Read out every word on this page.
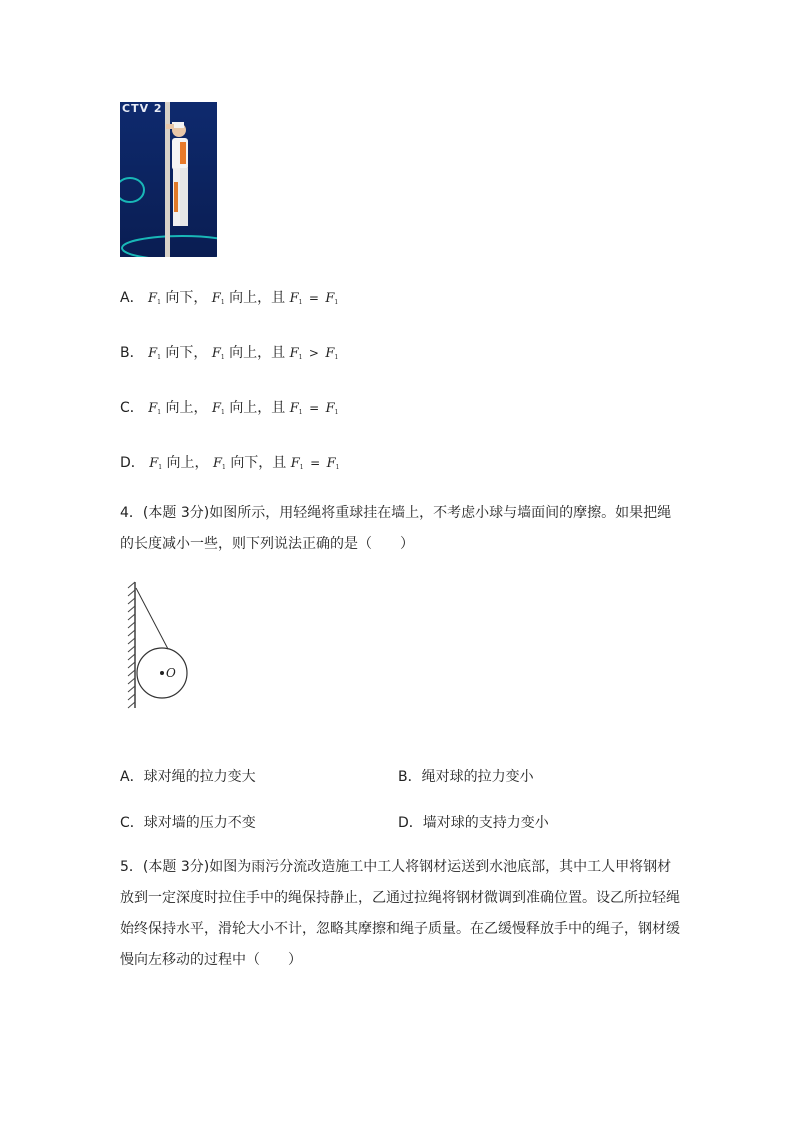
CTV 2
A． $F_1$ 向下， $F_1$ 向上，且 $F_1 = F_1$
B． $F_1$ 向下， $F_1$ 向上，且 $F_1 > F_1$
C． $F_1$ 向上， $F_1$ 向上，且 $F_1 = F_1$
D． $F_1$ 向上， $F_1$ 向下，且 $F_1 = F_1$
4．(本题 3分)如图所示，用轻绳将重球挂在墙上，不考虑小球与墙面间的摩擦。如果把绳
的长度减小一些，则下列说法正确的是（　　）
O
A．球对绳的拉力变大	B．绳对球的拉力变小
C．球对墙的压力不变	D．墙对球的支持力变小
5．(本题 3分)如图为雨污分流改造施工中工人将钢材运送到水池底部，其中工人甲将钢材
放到一定深度时拉住手中的绳保持静止，乙通过拉绳将钢材微调到准确位置。设乙所拉轻绳
始终保持水平，滑轮大小不计，忽略其摩擦和绳子质量。在乙缓慢释放手中的绳子，钢材缓
慢向左移动的过程中（　　）
